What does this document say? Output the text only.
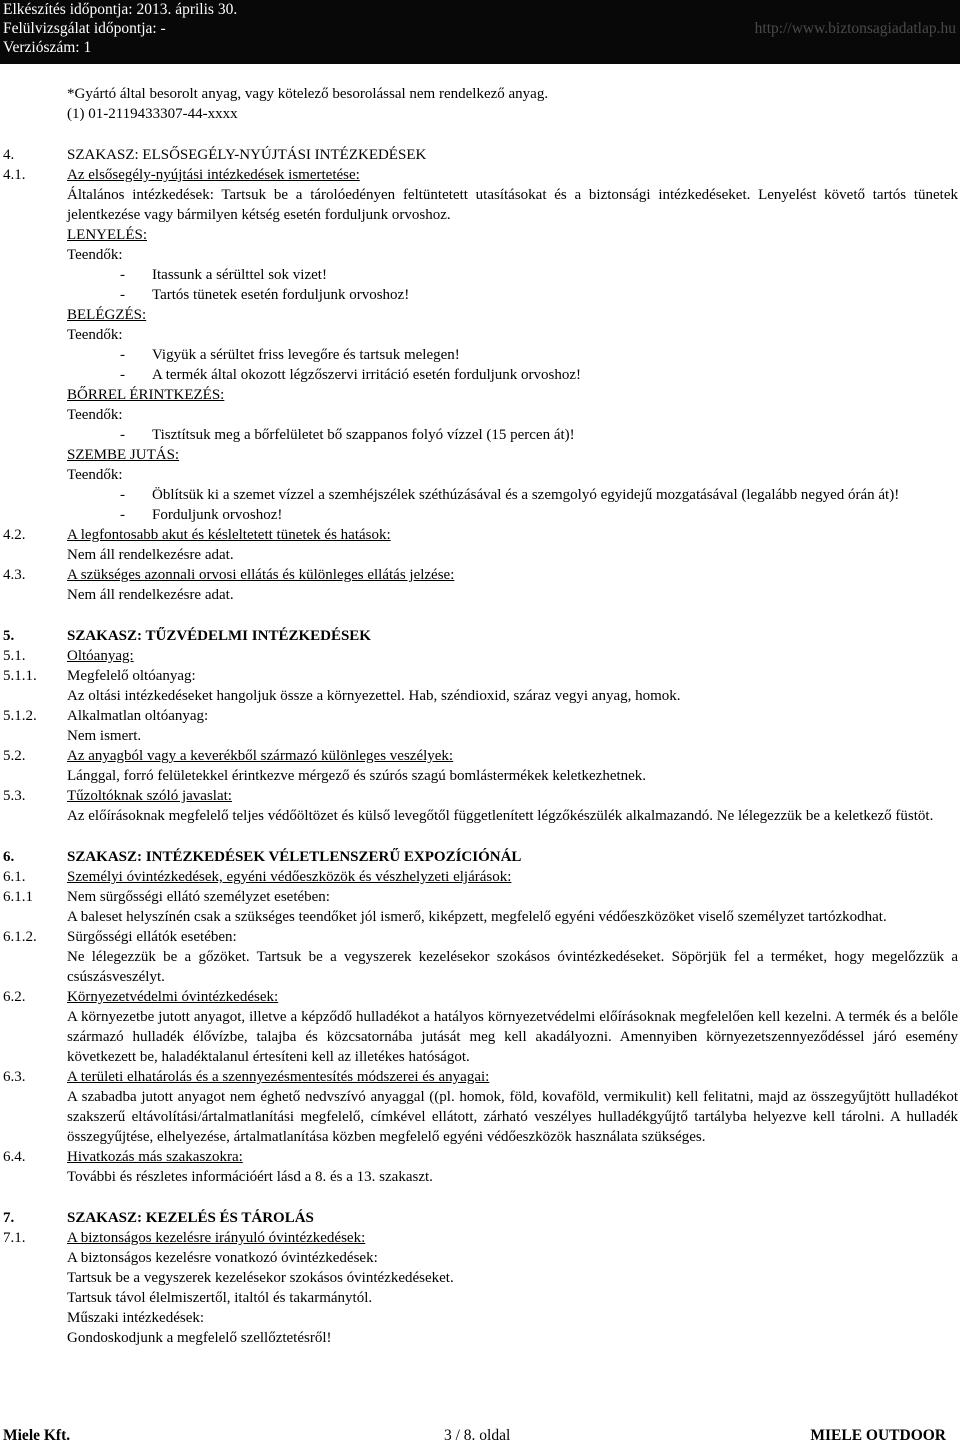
Elkészítés időpontja: 2013. április 30.
Felülvizsgálat időpontja: -
Verziószám: 1
http://www.biztonsagiadatlap.hu
*Gyártó által besorolt anyag, vagy kötelező besorolással nem rendelkező anyag.
(1) 01-2119433307-44-xxxx
4.	SZAKASZ: ELSŐSEGÉLY-NYÚJTÁSI INTÉZKEDÉSEK
4.1.	Az elsősegély-nyújtási intézkedések ismertetése:
Általános intézkedések: Tartsuk be a tárolóedényen feltüntetett utasításokat és a biztonsági intézkedéseket. Lenyelést követő tartós tünetek jelentkezése vagy bármilyen kétség esetén forduljunk orvoshoz.
LENYELÉS:
Teendők:
- Itassunk a sérülttel sok vizet!
- Tartós tünetek esetén forduljunk orvoshoz!
BELÉGZÉS:
Teendők:
- Vigyük a sérültet friss levegőre és tartsuk melegen!
- A termék által okozott légzőszervi irritáció esetén forduljunk orvoshoz!
BŐRREL ÉRINTKEZÉS:
Teendők:
- Tisztítsuk meg a bőrfelületet bő szappanos folyó vízzel (15 percen át)!
SZEMBE JUTÁS:
Teendők:
- Öblítsük ki a szemet vízzel a szemhéjszélek széthúzásával és a szemgolyó egyidejű mozgatásával (legalább negyed órán át)!
- Forduljunk orvoshoz!
4.2.	A legfontosabb akut és késleltetett tünetek és hatások:
Nem áll rendelkezésre adat.
4.3.	A szükséges azonnali orvosi ellátás és különleges ellátás jelzése:
Nem áll rendelkezésre adat.
5.	SZAKASZ: TŰZVÉDELMI INTÉZKEDÉSEK
5.1.	Oltóanyag:
5.1.1. Megfelelő oltóanyag:
Az oltási intézkedéseket hangoljuk össze a környezettel. Hab, széndioxid, száraz vegyi anyag, homok.
5.1.2. Alkalmatlan oltóanyag:
Nem ismert.
5.2.	Az anyagból vagy a keverékből származó különleges veszélyek:
Lánggal, forró felületekkel érintkezve mérgező és szúrós szagú bomlástermékek keletkezhetnek.
5.3.	Tűzoltóknak szóló javaslat:
Az előírásoknak megfelelő teljes védőöltözet és külső levegőtől függetlenített légzőkészülék alkalmazandó. Ne lélegezzük be a keletkező füstöt.
6.	SZAKASZ: INTÉZKEDÉSEK VÉLETLENSZERŰ EXPOZÍCIÓNÁL
6.1.	Személyi óvintézkedések, egyéni védőeszközök és vészhelyzeti eljárások:
6.1.1 Nem sürgősségi ellátó személyzet esetében:
A baleset helyszínén csak a szükséges teendőket jól ismerő, kiképzett, megfelelő egyéni védőeszközöket viselő személyzet tartózkodhat.
6.1.2. Sürgősségi ellátók esetében:
Ne lélegezzük be a gőzöket. Tartsuk be a vegyszerek kezelésekor szokásos óvintézkedéseket. Söpörjük fel a terméket, hogy megelőzzük a csúszásveszélyt.
6.2.	Környezetvédelmi óvintézkedések:
A környezetbe jutott anyagot, illetve a képződő hulladékot a hatályos környezetvédelmi előírásoknak megfelelően kell kezelni. A termék és a belőle származó hulladék élővízbe, talajba és közcsatornába jutását meg kell akadályozni. Amennyiben környezetszennyeződéssel járó esemény következett be, haladéktalanul értesíteni kell az illetékes hatóságot.
6.3.	A területi elhatárolás és a szennyezésmentesítés módszerei és anyagai:
A szabadba jutott anyagot nem éghető nedvszívó anyaggal ((pl. homok, föld, kovaföld, vermikulit) kell felitatni, majd az összegyűjtött hulladékot szakszerű eltávolítási/ártalmatlanítási megfelelő, címkével ellátott, zárható veszélyes hulladékgyűjtő tartályba helyezve kell tárolni. A hulladék összegyűjtése, elhelyezése, ártalmatlanítása közben megfelelő egyéni védőeszközök használata szükséges.
6.4.	Hivatkozás más szakaszokra:
További és részletes információért lásd a 8. és a 13. szakaszt.
7.	SZAKASZ: KEZELÉS ÉS TÁROLÁS
7.1.	A biztonságos kezelésre irányuló óvintézkedések:
A biztonságos kezelésre vonatkozó óvintézkedések:
Tartsuk be a vegyszerek kezelésekor szokásos óvintézkedéseket.
Tartsuk távol élelmiszertől, italtól és takarmánytól.
Műszaki intézkedések:
Gondoskodjunk a megfelelő szellőztetésről!
Miele Kft.	3 / 8. oldal	MIELE OUTDOOR
